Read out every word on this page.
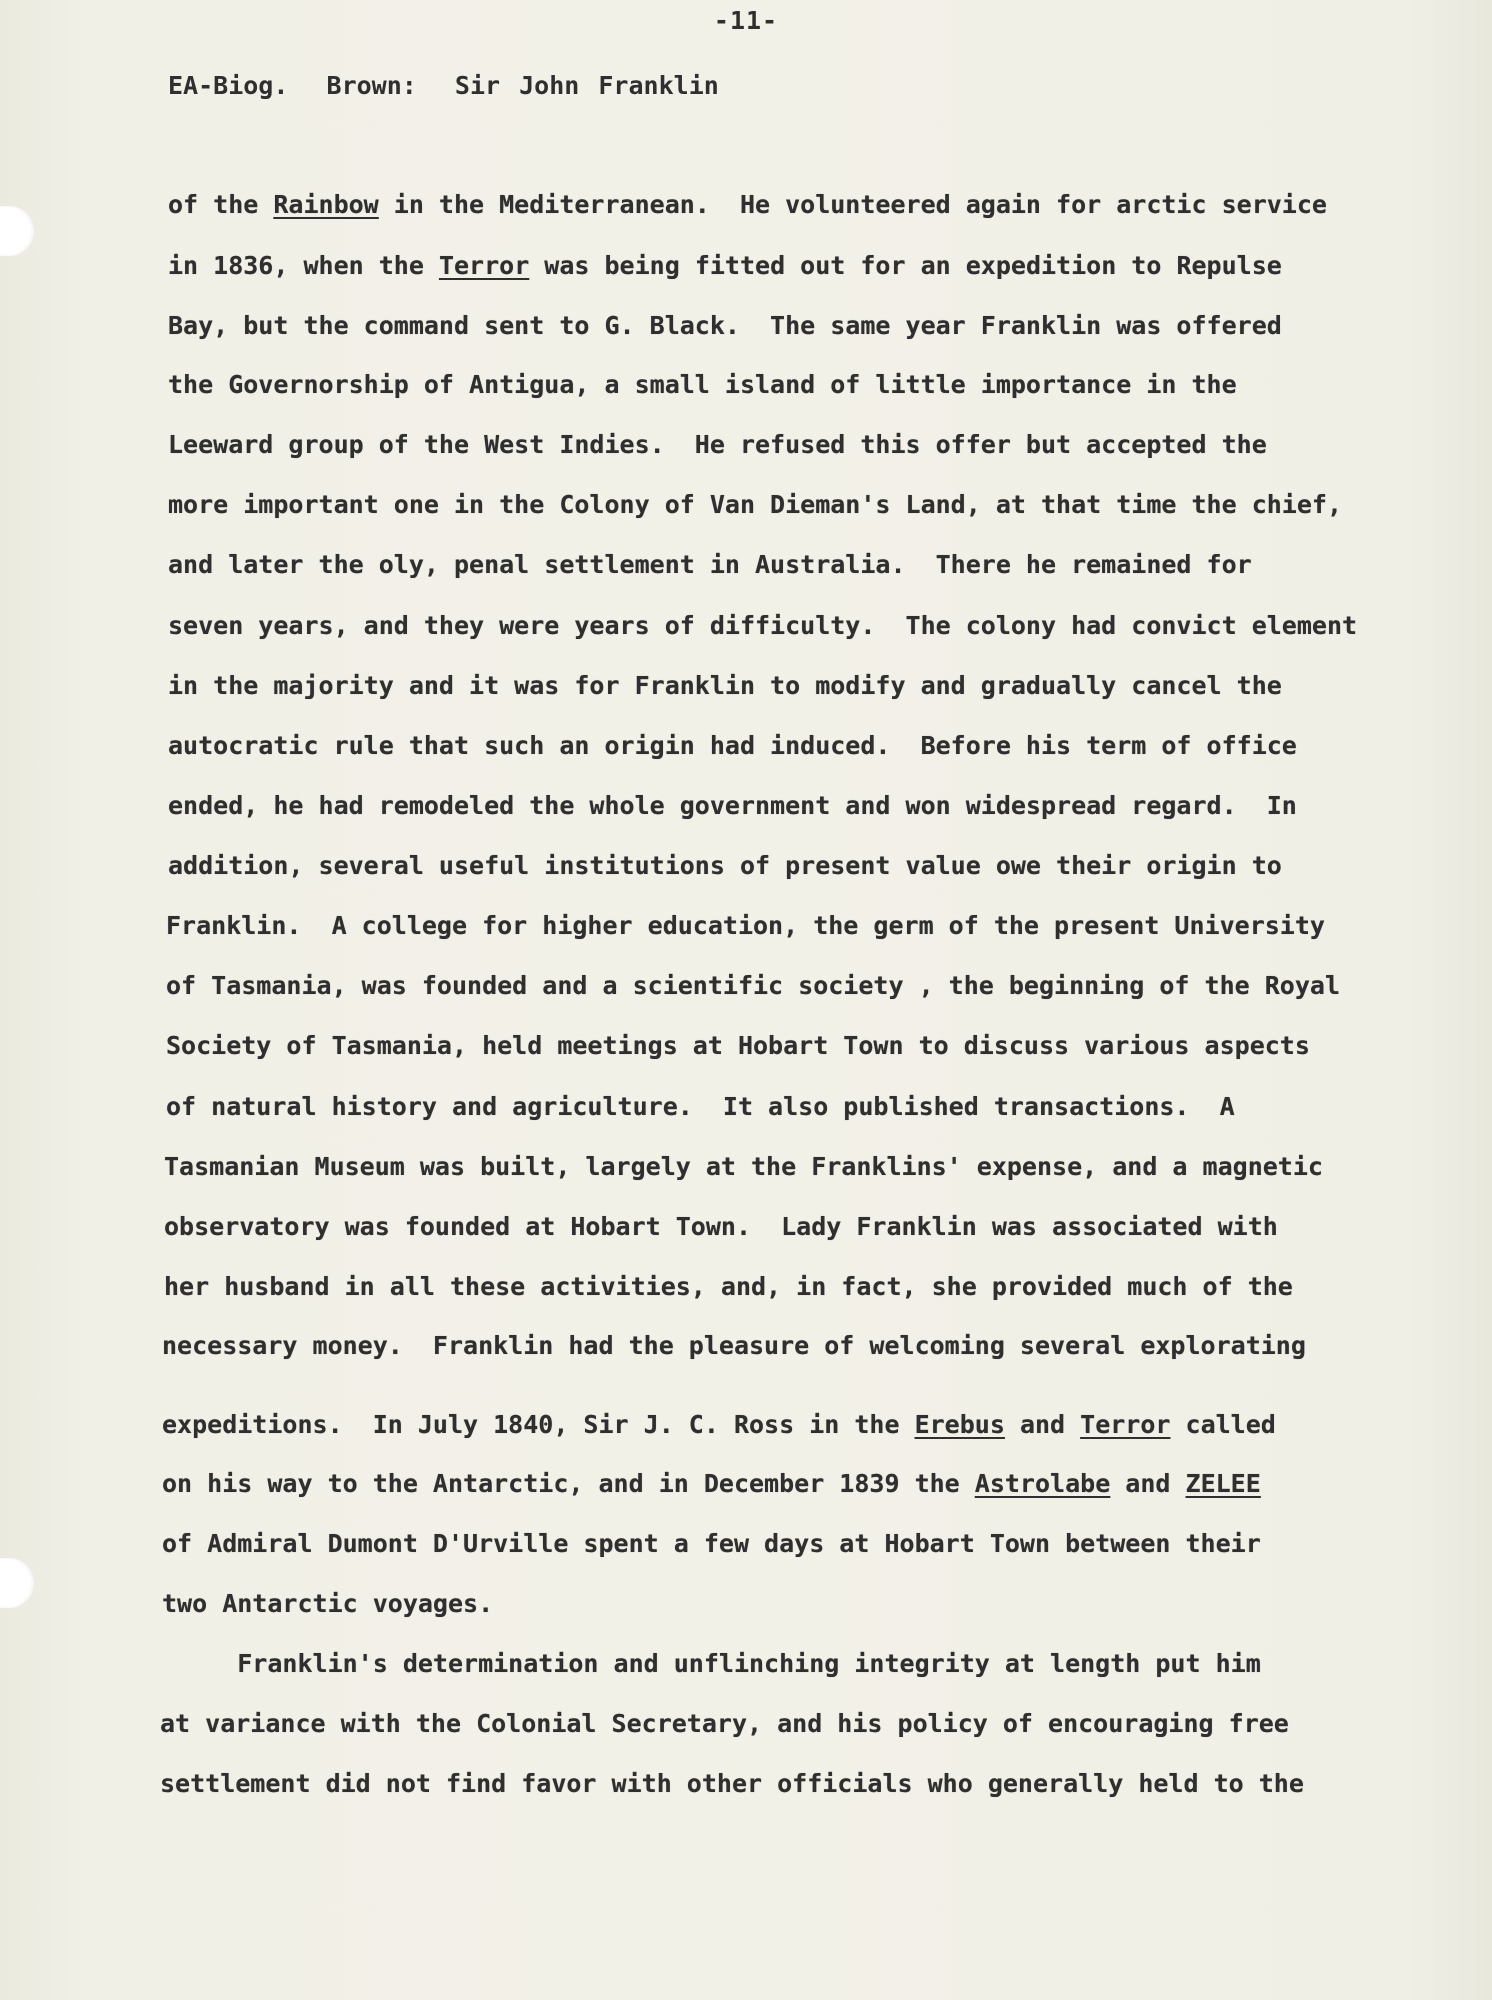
-11-
EA-Biog.  Brown:  Sir John Franklin
of the Rainbow in the Mediterranean.  He volunteered again for arctic service
in 1836, when the Terror was being fitted out for an expedition to Repulse
Bay, but the command sent to G. Black.  The same year Franklin was offered
the Governorship of Antigua, a small island of little importance in the
Leeward group of the West Indies.  He refused this offer but accepted the
more important one in the Colony of Van Dieman's Land, at that time the chief,
and later the oly, penal settlement in Australia.  There he remained for
seven years, and they were years of difficulty.  The colony had convict element
in the majority and it was for Franklin to modify and gradually cancel the
autocratic rule that such an origin had induced.  Before his term of office
ended, he had remodeled the whole government and won widespread regard.  In
addition, several useful institutions of present value owe their origin to
Franklin.  A college for higher education, the germ of the present University
of Tasmania, was founded and a scientific society , the beginning of the Royal
Society of Tasmania, held meetings at Hobart Town to discuss various aspects
of natural history and agriculture.  It also published transactions.  A
Tasmanian Museum was built, largely at the Franklins' expense, and a magnetic
observatory was founded at Hobart Town.  Lady Franklin was associated with
her husband in all these activities, and, in fact, she provided much of the
necessary money.  Franklin had the pleasure of welcoming several explorating
expeditions.  In July 1840, Sir J. C. Ross in the Erebus and Terror called
on his way to the Antarctic, and in December 1839 the Astrolabe and ZELEE
of Admiral Dumont D'Urville spent a few days at Hobart Town between their
two Antarctic voyages.
Franklin's determination and unflinching integrity at length put him
at variance with the Colonial Secretary, and his policy of encouraging free
settlement did not find favor with other officials who generally held to the
